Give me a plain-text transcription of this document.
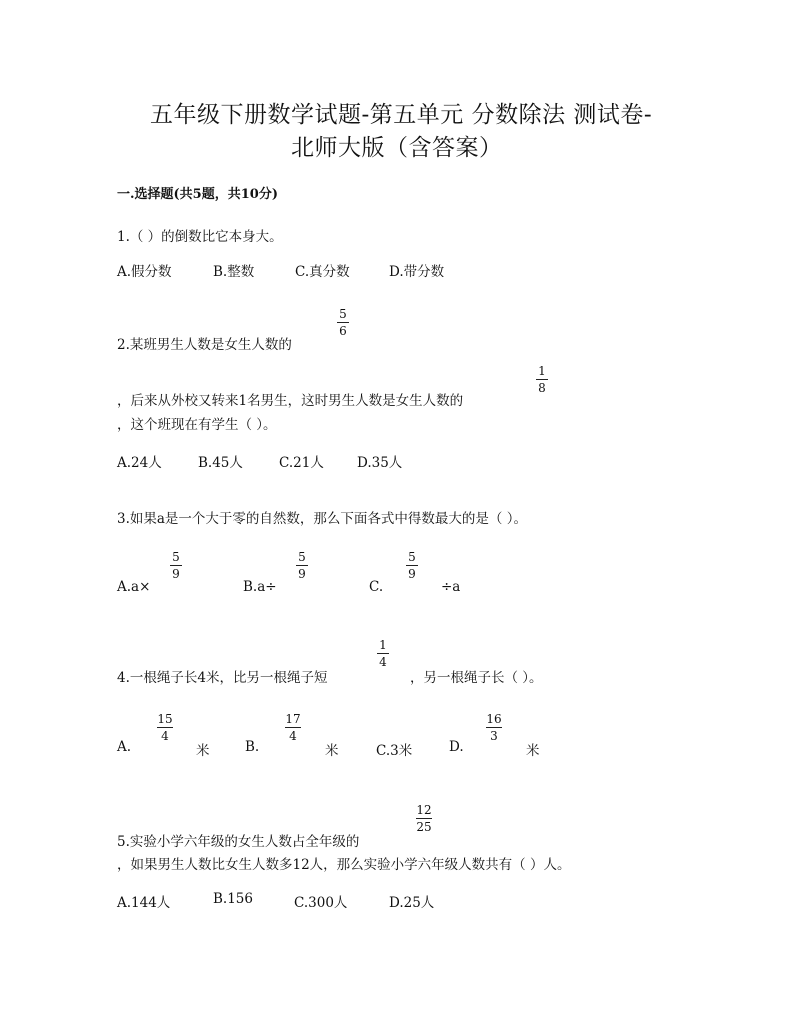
五年级下册数学试题-第五单元 分数除法 测试卷-
北师大版（含答案）
一.选择题(共5题，共10分)
1.（ ）的倒数比它本身大。
A.假分数	B.整数	C.真分数	D.带分数
2.某班男生人数是女生人数的
5
6
，后来从外校又转来1名男生，这时男生人数是女生人数的
1
8
，这个班现在有学生（ ）。
A.24人	B.45人	C.21人 D.35人
3.如果a是一个大于零的自然数，那么下面各式中得数最大的是（ ）。
A.a×
5
9
B.a÷
5
9
C.
5
9
÷a
4.一根绳子长4米，比另一根绳子短
1
4
，另一根绳子长（ ）。
A.
15
4
米	B.
17
4
米	C.3米	D.
16
3
米
5.实验小学六年级的女生人数占全年级的
12
25
，如果男生人数比女生人数多12人，那么实验小学六年级人数共有（ ）人。
A.144人	B.156	C.300人	D.25人
